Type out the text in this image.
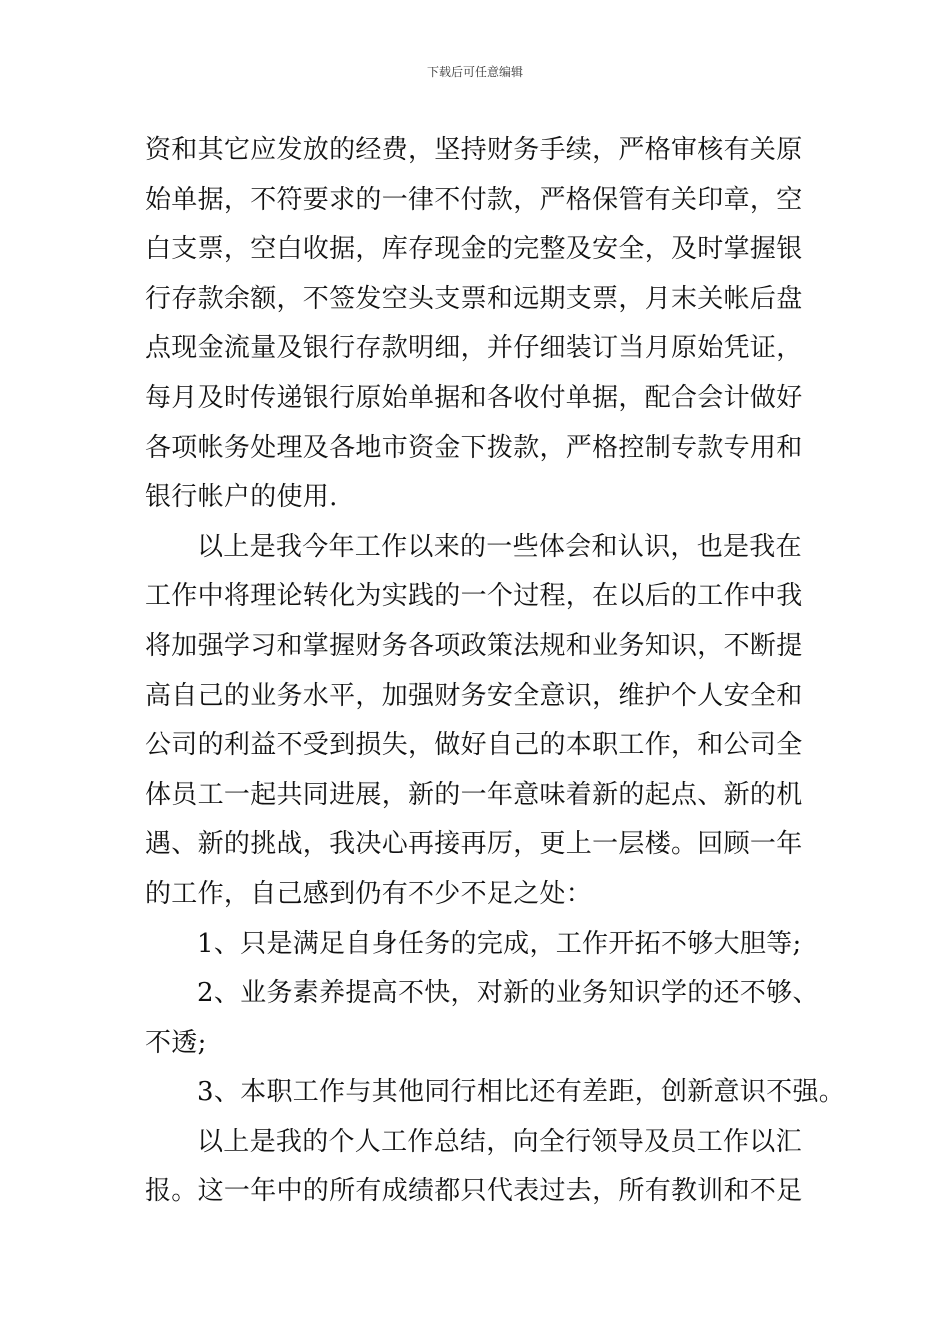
下载后可任意编辑
资和其它应发放的经费，坚持财务手续，严格审核有关原
始单据，不符要求的一律不付款，严格保管有关印章，空
白支票，空白收据，库存现金的完整及安全，及时掌握银
行存款余额，不签发空头支票和远期支票，月末关帐后盘
点现金流量及银行存款明细，并仔细装订当月原始凭证，
每月及时传递银行原始单据和各收付单据，配合会计做好
各项帐务处理及各地市资金下拨款，严格控制专款专用和
银行帐户的使用.
以上是我今年工作以来的一些体会和认识，也是我在
工作中将理论转化为实践的一个过程，在以后的工作中我
将加强学习和掌握财务各项政策法规和业务知识，不断提
高自己的业务水平，加强财务安全意识，维护个人安全和
公司的利益不受到损失，做好自己的本职工作，和公司全
体员工一起共同进展，新的一年意味着新的起点、新的机
遇、新的挑战，我决心再接再厉，更上一层楼。回顾一年
的工作，自己感到仍有不少不足之处：
1、只是满足自身任务的完成，工作开拓不够大胆等;
2、业务素养提高不快，对新的业务知识学的还不够、
不透;
3、本职工作与其他同行相比还有差距，创新意识不强。
以上是我的个人工作总结，向全行领导及员工作以汇
报。这一年中的所有成绩都只代表过去，所有教训和不足
